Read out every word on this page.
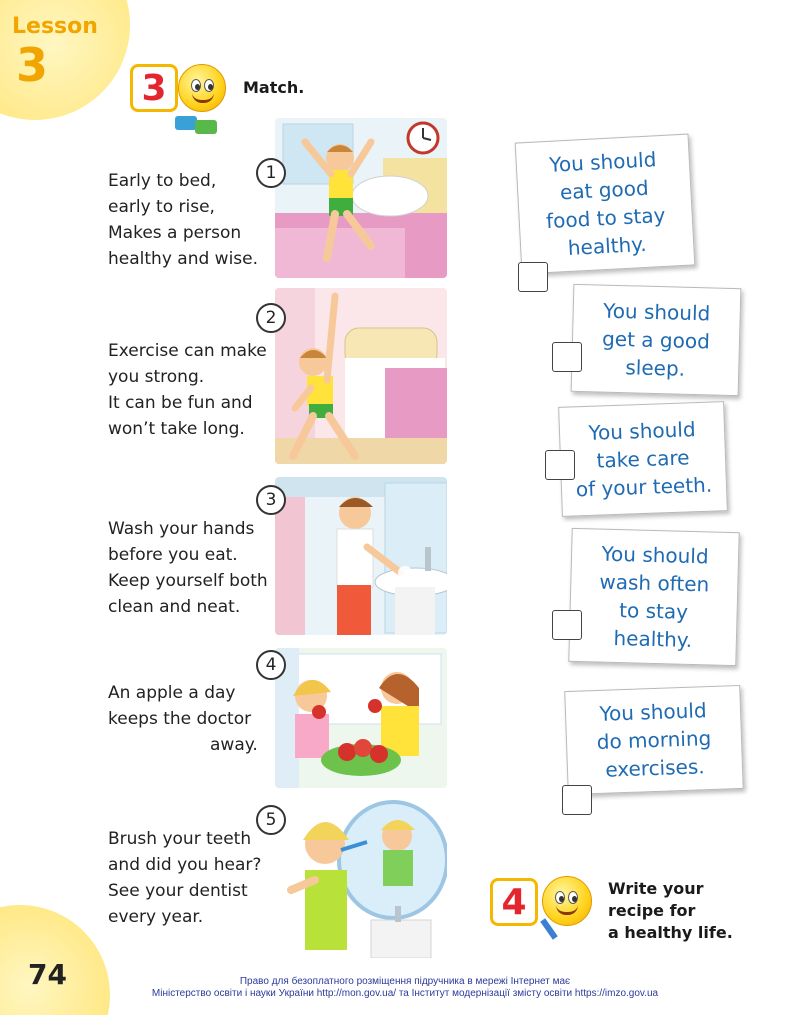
Lesson
3	3	Match.
Early to bed,
early to rise,
Makes a person
healthy and wise.
Exercise can make
you strong.
It can be fun and
won’t take long.
Wash your hands
before you eat.
Keep yourself both
clean and neat.
An apple a day
keeps the doctor
away.
Brush your teeth
and did you hear?
See your dentist
every year.
1
2
3
4
5
You should
eat good
food to stay
healthy.
You should
get a good
sleep.
You should
take care
of your teeth.
You should
wash often
to stay
healthy.
You should
do morning
exercises.
4	Write your
recipe for
a healthy life.
74	Право для безоплатного розміщення підручника в мережі Інтернет має
Міністерство освіти і науки України http://mon.gov.ua/ та Інститут модернізації змісту освіти https://imzo.gov.ua
